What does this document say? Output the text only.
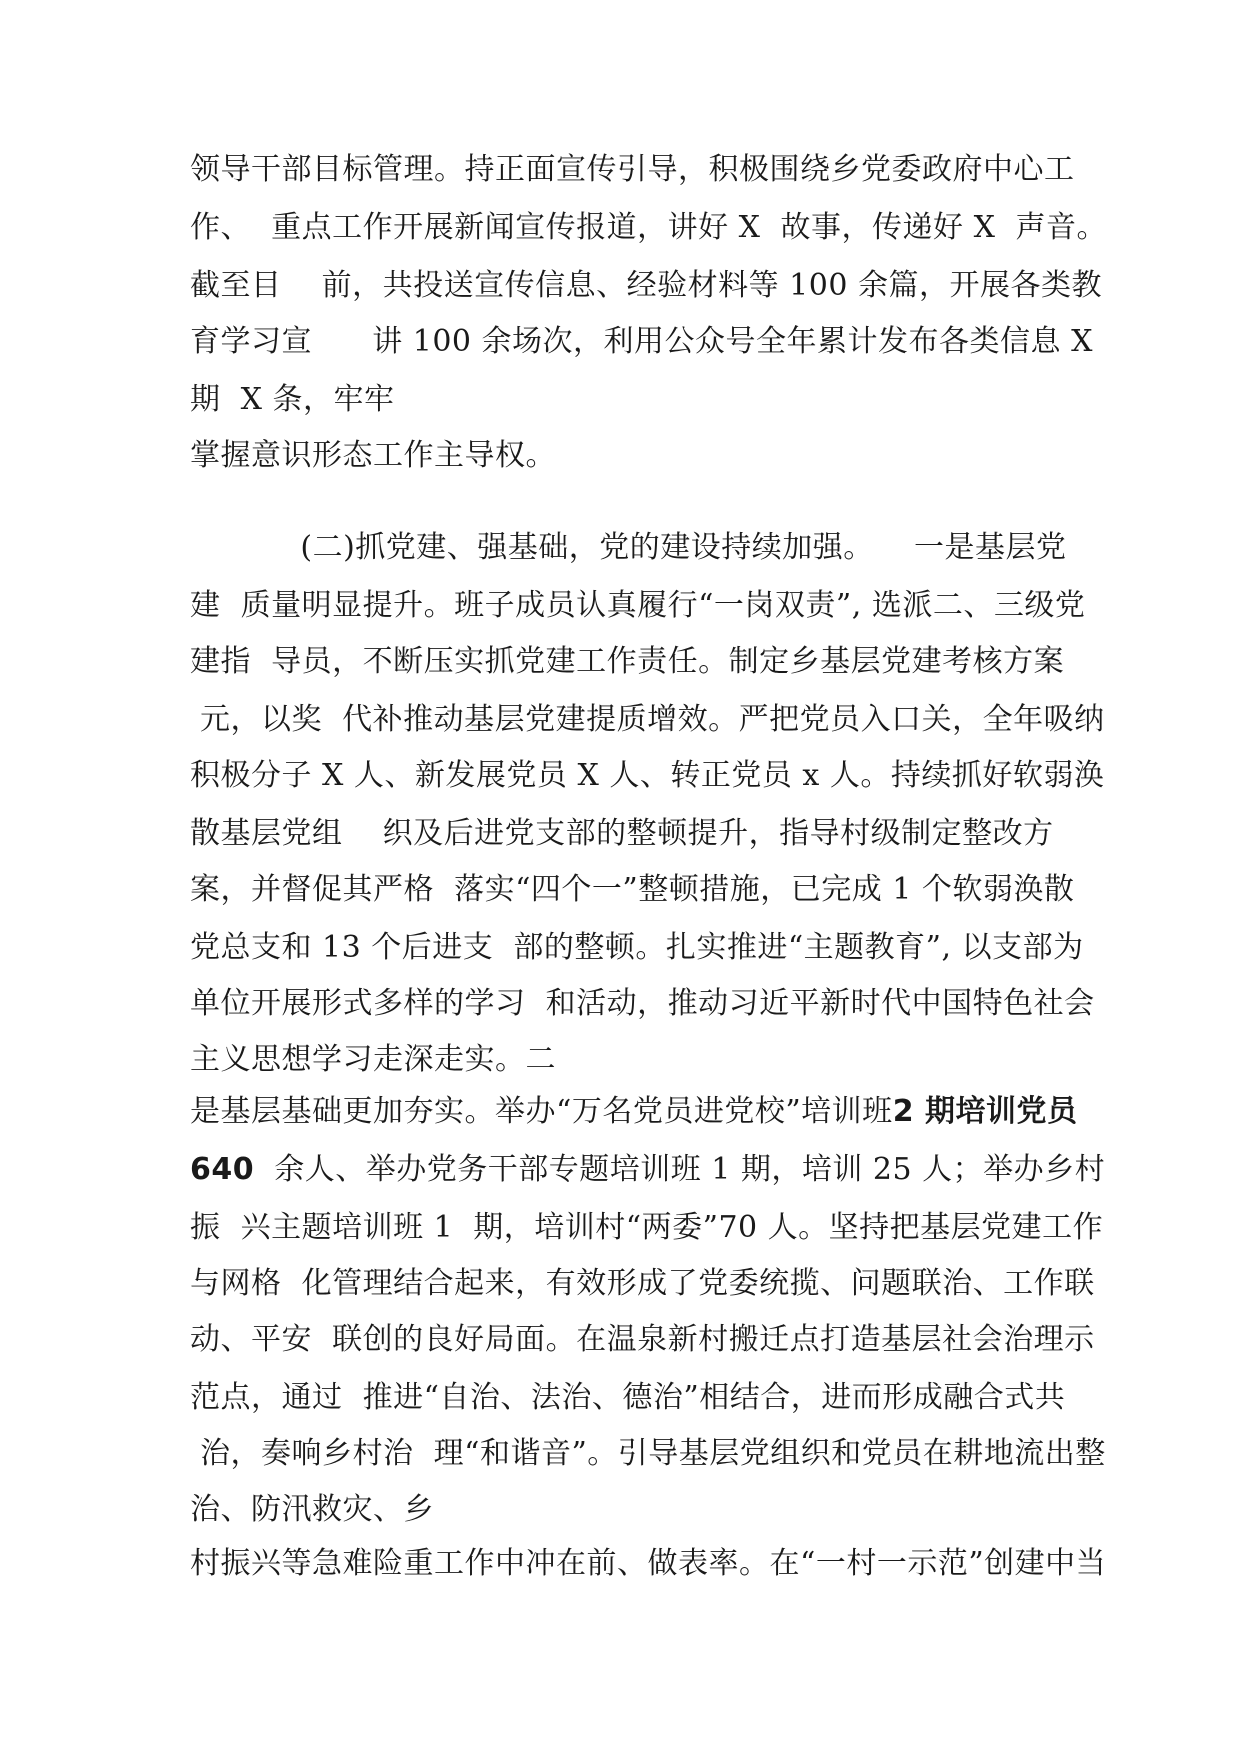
领导干部目标管理。持正面宣传引导，积极围绕乡党委政府中心工
作、  重点工作开展新闻宣传报道，讲好 X  故事，传递好 X  声音。
截至目    前，共投送宣传信息、经验材料等 100 余篇，开展各类教
育学习宣      讲 100 余场次，利用公众号全年累计发布各类信息 X
期  X 条，牢牢
掌握意识形态工作主导权。
(二)抓党建、强基础，党的建设持续加强。    一是基层党
建  质量明显提升。班子成员认真履行“一岗双责”, 选派二、三级党
建指  导员，不断压实抓党建工作责任。制定乡基层党建考核方案
元，以奖  代补推动基层党建提质增效。严把党员入口关，全年吸纳
积极分子 X 人、新发展党员 X 人、转正党员 x 人。持续抓好软弱涣
散基层党组    织及后进党支部的整顿提升，指导村级制定整改方
案，并督促其严格  落实“四个一”整顿措施，已完成 1 个软弱涣散
党总支和 13 个后进支  部的整顿。扎实推进“主题教育”, 以支部为
单位开展形式多样的学习  和活动，推动习近平新时代中国特色社会
主义思想学习走深走实。二
是基层基础更加夯实。举办“万名党员进党校”培训班2 期培训党员
640  余人、举办党务干部专题培训班 1 期，培训 25 人；举办乡村
振  兴主题培训班 1  期，培训村“两委”70 人。坚持把基层党建工作
与网格  化管理结合起来，有效形成了党委统揽、问题联治、工作联
动、平安  联创的良好局面。在温泉新村搬迁点打造基层社会治理示
范点，通过  推进“自治、法治、德治”相结合，进而形成融合式共
治，奏响乡村治  理“和谐音”。引导基层党组织和党员在耕地流出整
治、防汛救灾、乡
村振兴等急难险重工作中冲在前、做表率。在“一村一示范”创建中当
